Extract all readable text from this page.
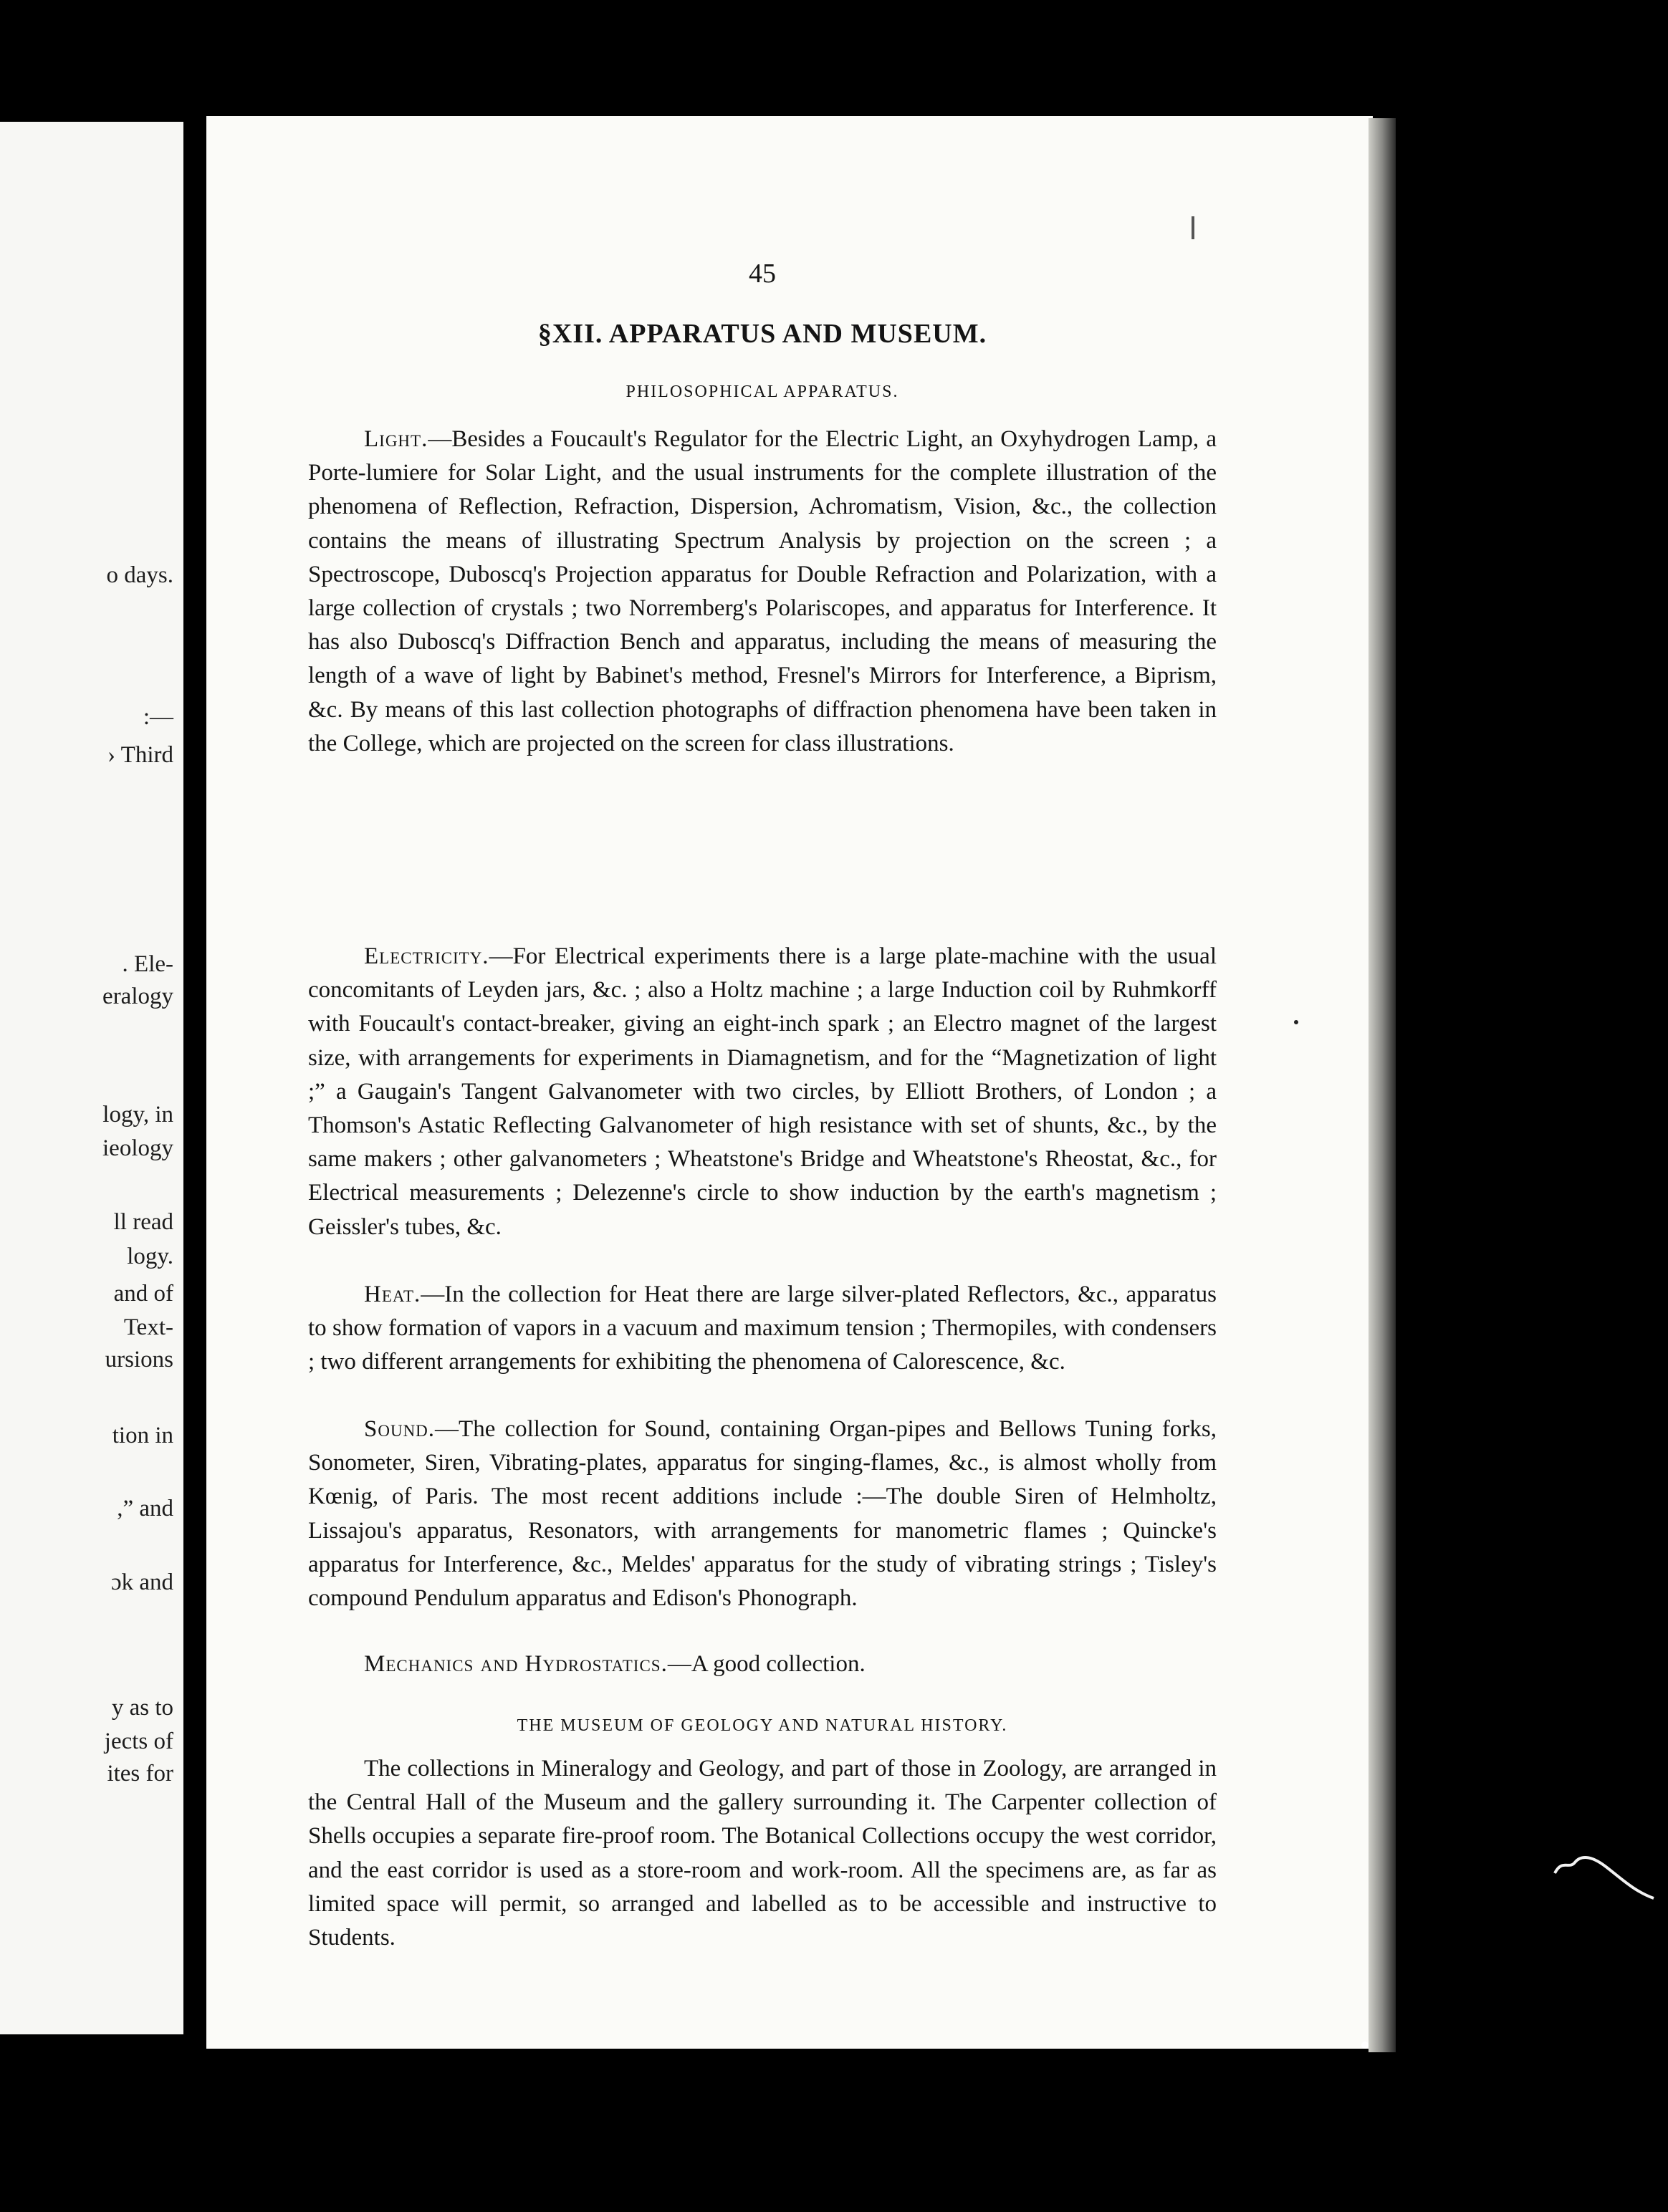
o days.
:—
› Third
. Ele-
eralogy
logy, in
ieology
ll read
logy.
and of
Text-
ursions
tion in
,” and
ɔk and
y as to
jects of
ites for
45
§XII. APPARATUS AND MUSEUM.
PHILOSOPHICAL APPARATUS.

Light.—Besides a Foucault's Regulator for the Electric Light, an Oxyhydrogen Lamp, a Porte-lumiere for Solar Light, and the usual instruments for the complete illustration of the phenomena of Reflection, Refraction, Dispersion, Achromatism, Vision, &c., the collection contains the means of illustrating Spectrum Analysis by projection on the screen ; a Spectroscope, Duboscq's Projection apparatus for Double Refraction and Polarization, with a large collection of crystals ; two Norremberg's Polariscopes, and apparatus for Interference. It has also Duboscq's Diffraction Bench and apparatus, including the means of measuring the length of a wave of light by Babinet's method, Fresnel's Mirrors for Interference, a Biprism, &c. By means of this last collection photographs of diffraction phenomena have been taken in the College, which are projected on the screen for class illustrations.

Electricity.—For Electrical experiments there is a large plate-machine with the usual concomitants of Leyden jars, &c. ; also a Holtz machine ; a large Induction coil by Ruhmkorff with Foucault's contact-breaker, giving an eight-inch spark ; an Electro magnet of the largest size, with arrangements for experiments in Diamagnetism, and for the “Magnetization of light ;” a Gaugain's Tangent Galvanometer with two circles, by Elliott Brothers, of London ; a Thomson's Astatic Reflecting Galvanometer of high resistance with set of shunts, &c., by the same makers ; other galvanometers ; Wheatstone's Bridge and Wheatstone's Rheostat, &c., for Electrical measurements ; Delezenne's circle to show induction by the earth's magnetism ; Geissler's tubes, &c.

Heat.—In the collection for Heat there are large silver-plated Reflectors, &c., apparatus to show formation of vapors in a vacuum and maximum tension ; Thermopiles, with condensers ; two different arrangements for exhibiting the phenomena of Calorescence, &c.

Sound.—The collection for Sound, containing Organ-pipes and Bellows Tuning forks, Sonometer, Siren, Vibrating-plates, apparatus for singing-flames, &c., is almost wholly from Kœnig, of Paris. The most recent additions include :—The double Siren of Helmholtz, Lissajou's apparatus, Resonators, with arrangements for manometric flames ; Quincke's apparatus for Interference, &c., Meldes' apparatus for the study of vibrating strings ; Tisley's compound Pendulum apparatus and Edison's Phonograph.

Mechanics and Hydrostatics.—A good collection.

THE MUSEUM OF GEOLOGY AND NATURAL HISTORY.

The collections in Mineralogy and Geology, and part of those in Zoology, are arranged in the Central Hall of the Museum and the gallery surrounding it. The Carpenter collection of Shells occupies a separate fire-proof room. The Botanical Collections occupy the west corridor, and the east corridor is used as a store-room and work-room. All the specimens are, as far as limited space will permit, so arranged and labelled as to be accessible and instructive to Students.
